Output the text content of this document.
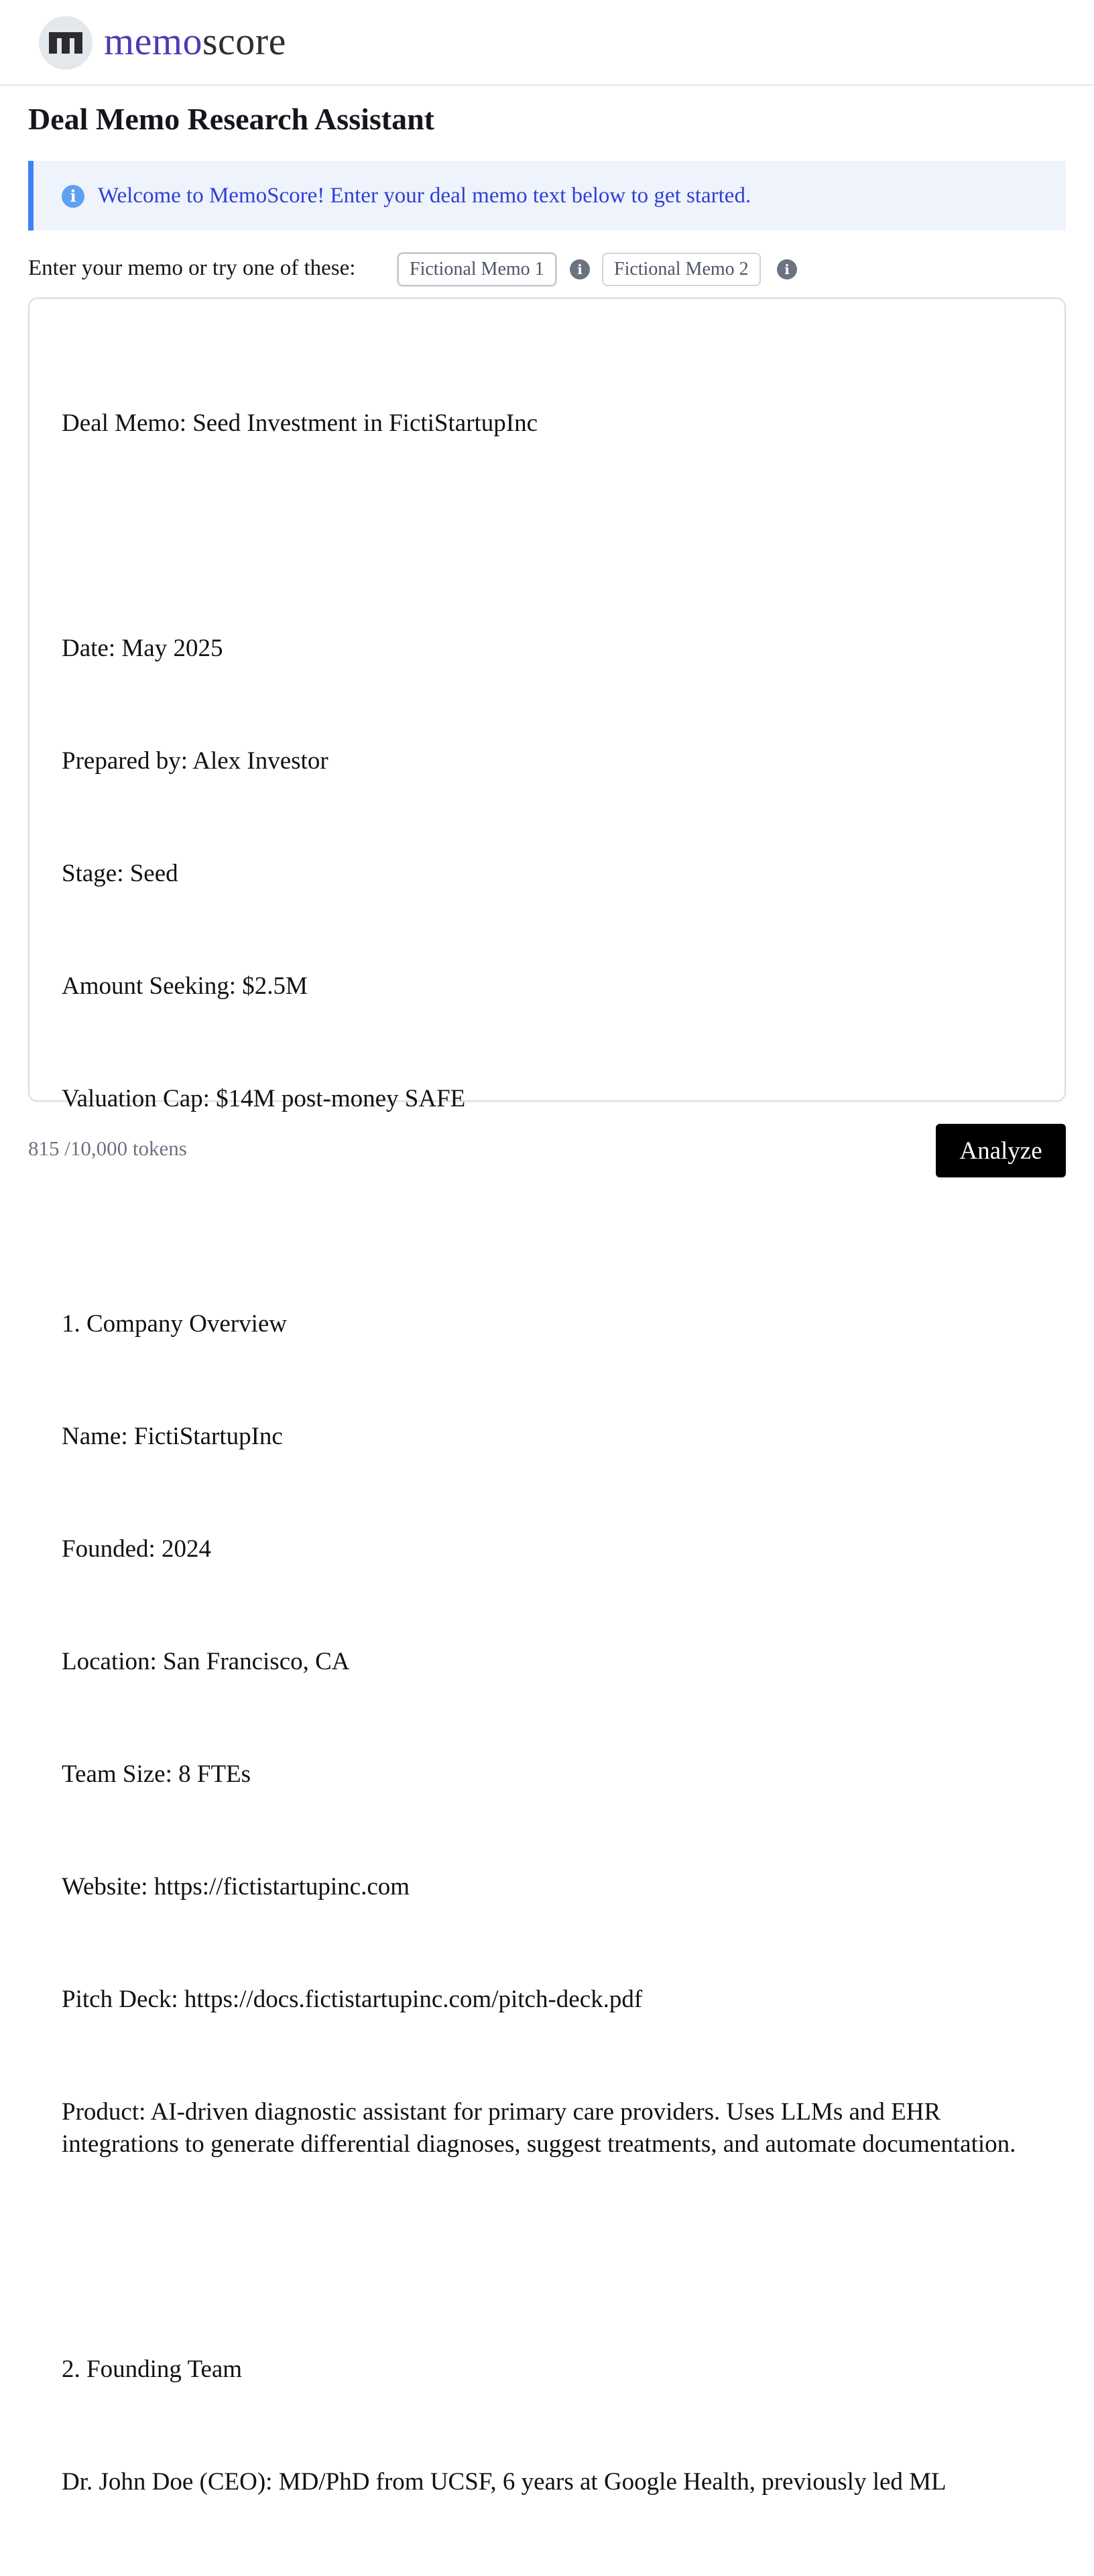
memoscore
Deal Memo Research Assistant
i Welcome to MemoScore! Enter your deal memo text below to get started.
Enter your memo or try one of these:	Fictional Memo 1	i	Fictional Memo 2	i

Deal Memo: Seed Investment in FictiStartupInc

Date: May 2025

Prepared by: Alex Investor

Stage: Seed

Amount Seeking: $2.5M

Valuation Cap: $14M post-money SAFE

1. Company Overview

Name: FictiStartupInc

Founded: 2024

Location: San Francisco, CA

Team Size: 8 FTEs

Website: https://fictistartupinc.com

Pitch Deck: https://docs.fictistartupinc.com/pitch-deck.pdf

Product: AI-driven diagnostic assistant for primary care providers. Uses LLMs and EHR integrations to generate differential diagnoses, suggest treatments, and automate documentation.

2. Founding Team

Dr. John Doe (CEO): MD/PhD from UCSF, 6 years at Google Health, previously led ML

815 /10,000 tokens	Analyze
